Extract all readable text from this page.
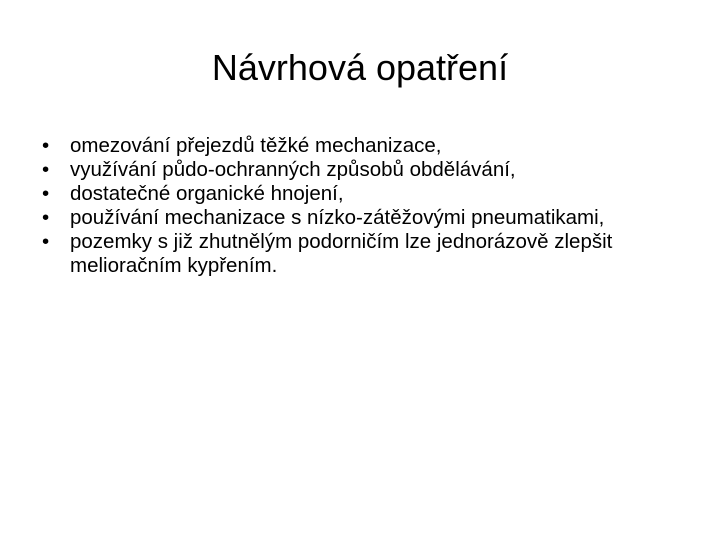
Návrhová opatření
•	omezování přejezdů těžké mechanizace,
•	využívání půdo-ochranných způsobů obdělávání,
•	dostatečné organické hnojení,
•	používání mechanizace s nízko-zátěžovými pneumatikami,
•	pozemky s již zhutnělým podorničím lze jednorázově zlepšit melioračním kypřením.
